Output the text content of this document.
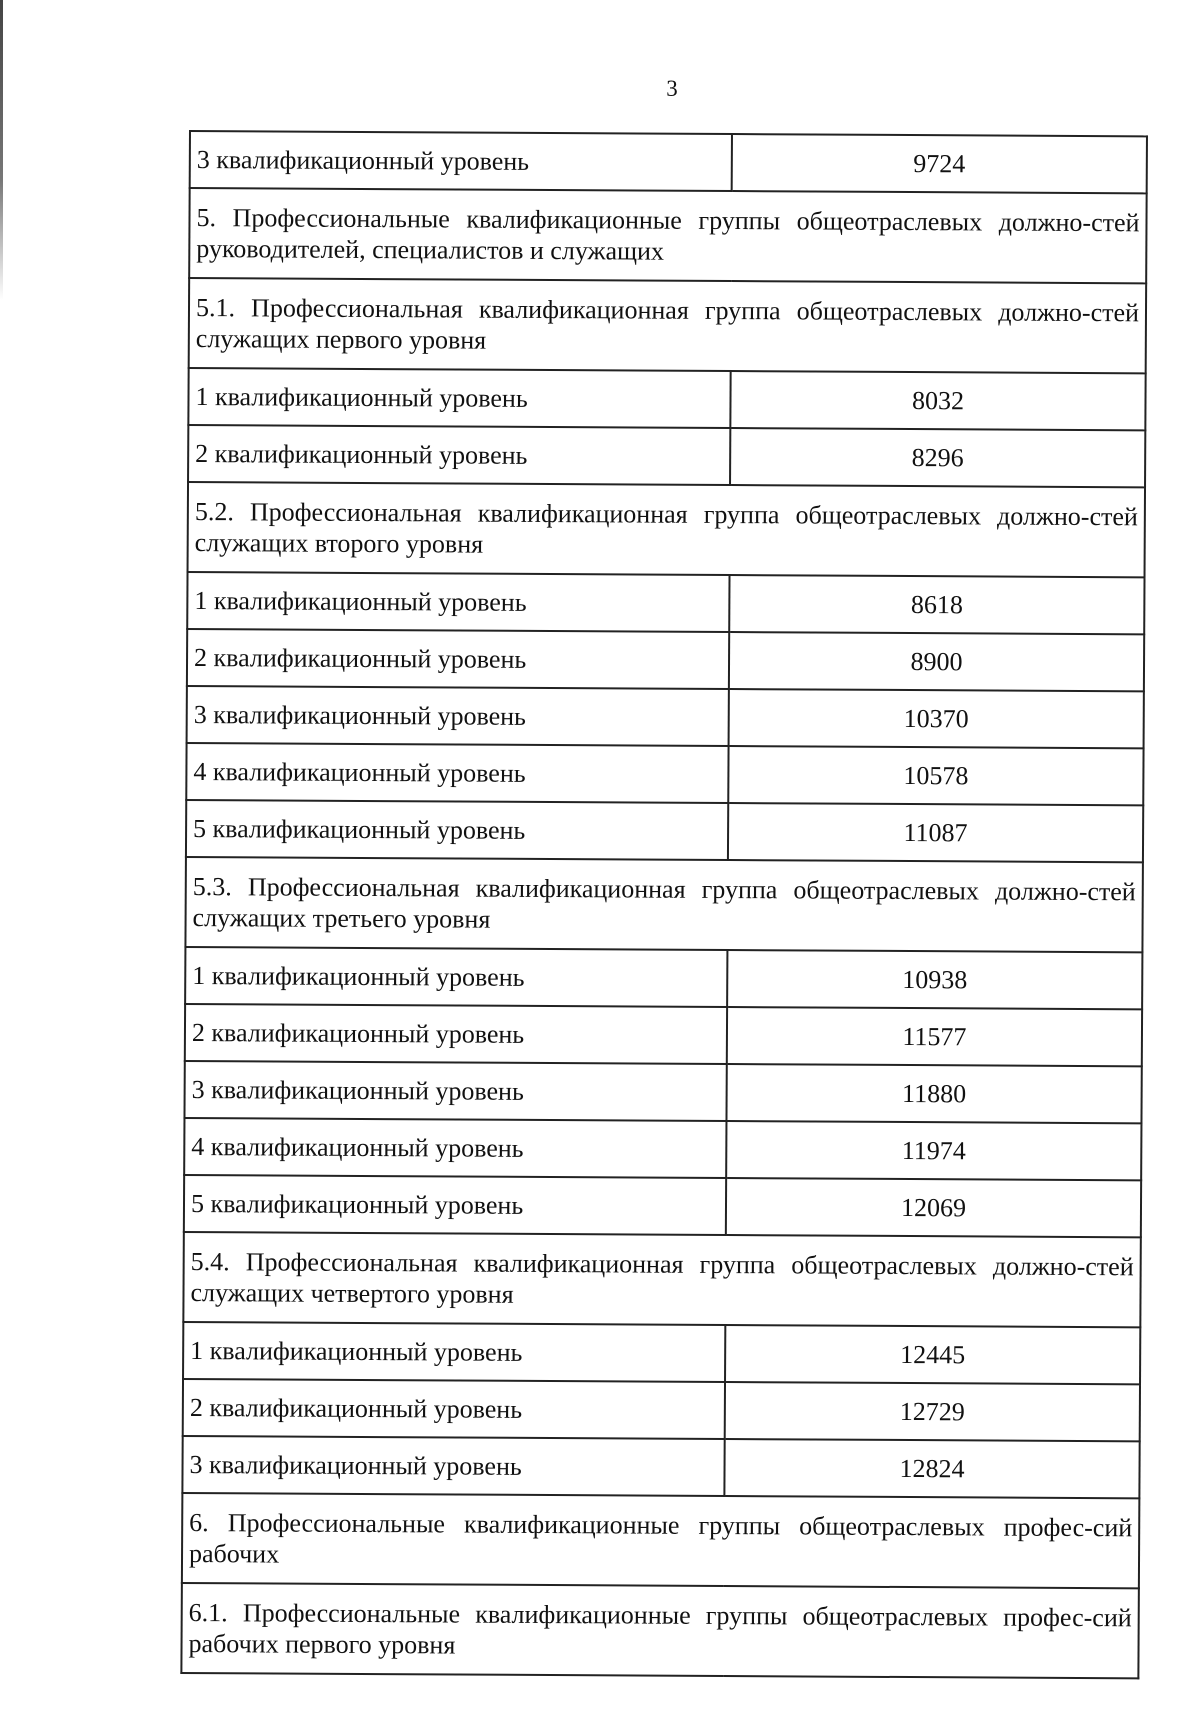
3
3 квалификационный уровень	9724
5. Профессиональные квалификационные группы общеотраслевых должно-стей руководителей, специалистов и служащих	
5.1. Профессиональная квалификационная группа общеотраслевых должно-стей служащих первого уровня	
1 квалификационный уровень	8032
2 квалификационный уровень	8296
5.2. Профессиональная квалификационная группа общеотраслевых должно-стей служащих второго уровня	
1 квалификационный уровень	8618
2 квалификационный уровень	8900
3 квалификационный уровень	10370
4 квалификационный уровень	10578
5 квалификационный уровень	11087
5.3. Профессиональная квалификационная группа общеотраслевых должно-стей служащих третьего уровня	
1 квалификационный уровень	10938
2 квалификационный уровень	11577
3 квалификационный уровень	11880
4 квалификационный уровень	11974
5 квалификационный уровень	12069
5.4. Профессиональная квалификационная группа общеотраслевых должно-стей служащих четвертого уровня	
1 квалификационный уровень	12445
2 квалификационный уровень	12729
3 квалификационный уровень	12824
6. Профессиональные квалификационные группы общеотраслевых профес-сий рабочих	
6.1. Профессиональные квалификационные группы общеотраслевых профес-сий рабочих первого уровня	
